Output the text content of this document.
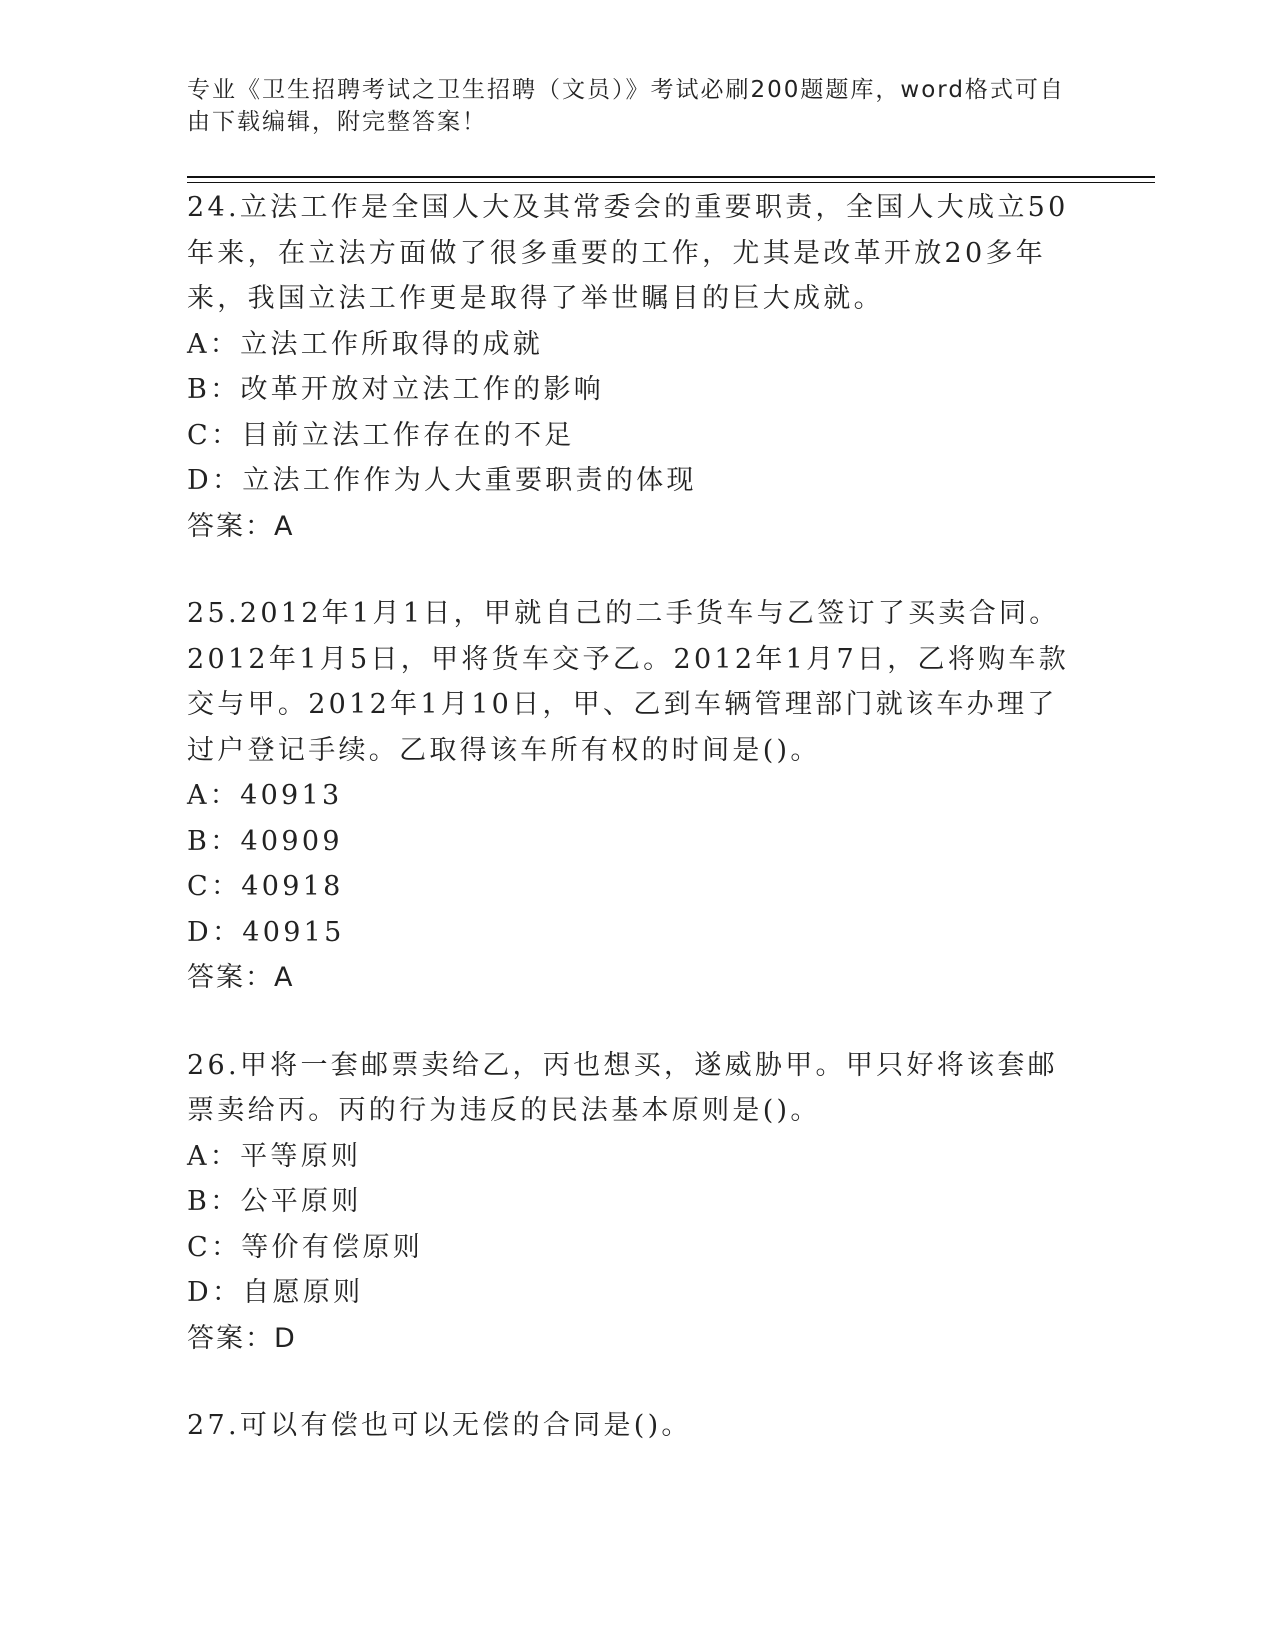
专业《卫生招聘考试之卫生招聘（文员）》考试必刷200题题库，word格式可自由下载编辑，附完整答案！

24.立法工作是全国人大及其常委会的重要职责，全国人大成立50年来，在立法方面做了很多重要的工作，尤其是改革开放20多年来，我国立法工作更是取得了举世瞩目的巨大成就。

A：立法工作所取得的成就
B：改革开放对立法工作的影响
C：目前立法工作存在的不足
D：立法工作作为人大重要职责的体现
答案：A

25.2012年1月1日，甲就自己的二手货车与乙签订了买卖合同。2012年1月5日，甲将货车交予乙。2012年1月7日，乙将购车款交与甲。2012年1月10日，甲、乙到车辆管理部门就该车办理了过户登记手续。乙取得该车所有权的时间是()。

A：40913
B：40909
C：40918
D：40915
答案：A

26.甲将一套邮票卖给乙，丙也想买，遂威胁甲。甲只好将该套邮票卖给丙。丙的行为违反的民法基本原则是()。

A：平等原则
B：公平原则
C：等价有偿原则
D：自愿原则
答案：D

27.可以有偿也可以无偿的合同是()。
